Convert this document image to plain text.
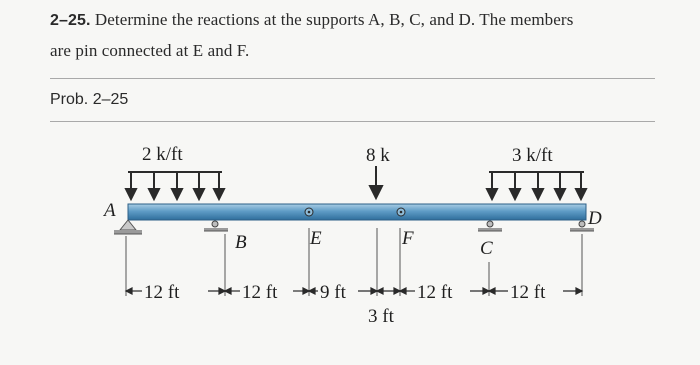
2–25. Determine the reactions at the supports A, B, C, and D. The members
are pin connected at E and F.
Prob. 2–25
2 k/ft	8 k	3 k/ft
A
B	E	F	C
D
12 ft	12 ft 9 ft
3 ft
12 ft	12 ft
